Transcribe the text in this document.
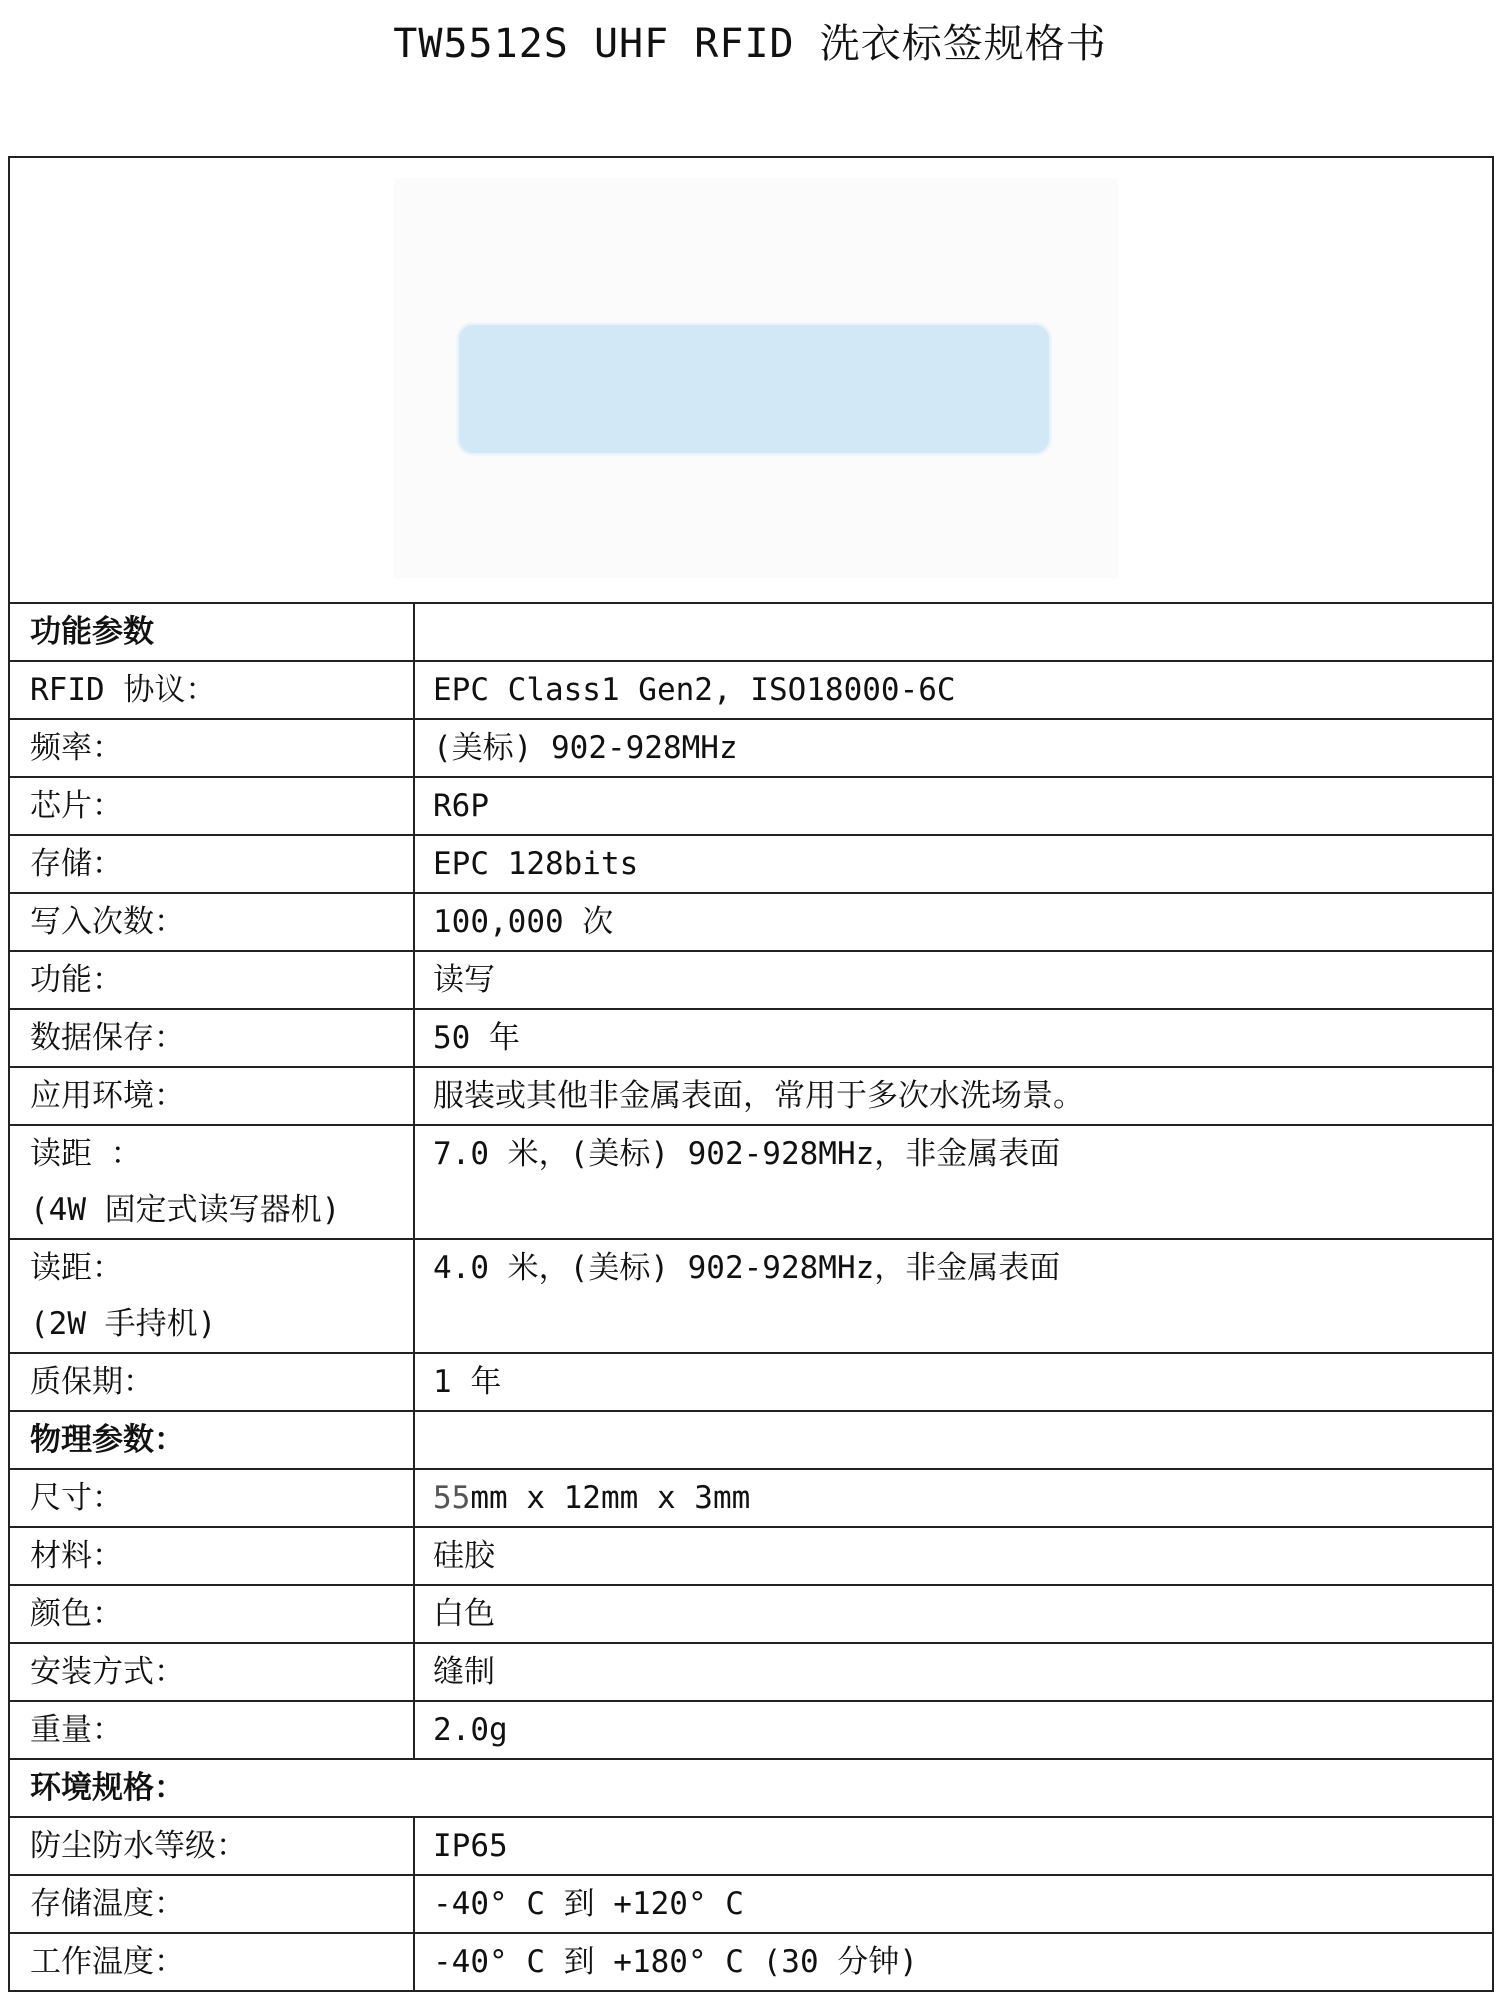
TW5512S UHF RFID 洗衣标签规格书

功能参数	
RFID 协议：	EPC Class1 Gen2, ISO18000-6C
频率：	(美标) 902-928MHz
芯片：	R6P
存储：	EPC 128bits
写入次数：	100,000 次
功能：	读写
数据保存：	50 年
应用环境：	服装或其他非金属表面，常用于多次水洗场景。

读距 ：
(4W 固定式读写器机)	7.0 米，(美标) 902-928MHz，非金属表面

读距：
(2W 手持机)	4.0 米，(美标) 902-928MHz，非金属表面
质保期：	1 年
物理参数：	
尺寸：	55mm x 12mm x 3mm
材料：	硅胶
颜色：	白色
安装方式：	缝制
重量：	2.0g
环境规格：	
防尘防水等级：	IP65
存储温度：	-40° C 到 +120° C
工作温度：	-40° C 到 +180° C (30 分钟)
